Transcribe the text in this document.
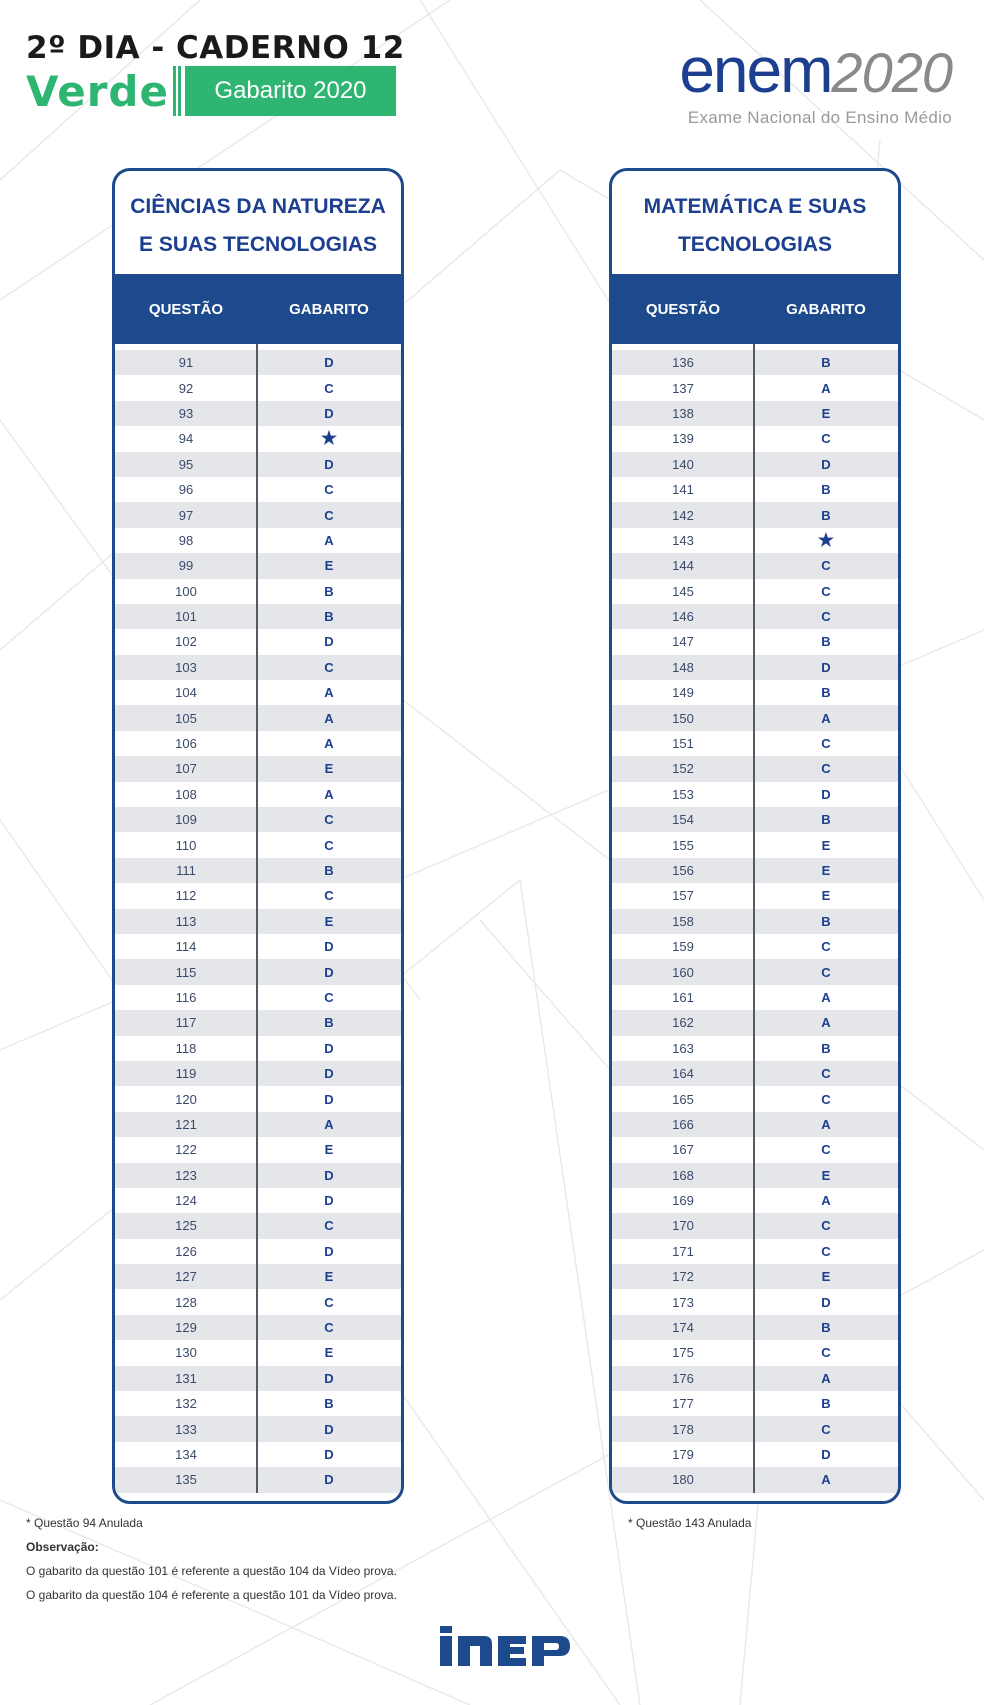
2º DIA - CADERNO 12
Verde	Gabarito 2020	enem 2020
Exame Nacional do Ensino Médio
CIÊNCIAS DA NATUREZA
E SUAS TECNOLOGIAS
QUESTÃO	GABARITO
91	D
92	C
93	D
94	★
95	D
96	C
97	C
98	A
99	E
100	B
101	B
102	D
103	C
104	A
105	A
106	A
107	E
108	A
109	C
110	C
111	B
112	C
113	E
114	D
115	D
116	C
117	B
118	D
119	D
120	D
121	A
122	E
123	D
124	D
125	C
126	D
127	E
128	C
129	C
130	E
131	D
132	B
133	D
134	D
135	D
MATEMÁTICA E SUAS
TECNOLOGIAS
QUESTÃO	GABARITO
136	B
137	A
138	E
139	C
140	D
141	B
142	B
143	★
144	C
145	C
146	C
147	B
148	D
149	B
150	A
151	C
152	C
153	D
154	B
155	E
156	E
157	E
158	B
159	C
160	C
161	A
162	A
163	B
164	C
165	C
166	A
167	C
168	E
169	A
170	C
171	C
172	E
173	D
174	B
175	C
176	A
177	B
178	C
179	D
180	A

* Questão 94 Anulada

Observação:

O gabarito da questão 101 é referente a questão 104 da Vídeo prova.

O gabarito da questão 104 é referente a questão 101 da Vídeo prova.

* Questão 143 Anulada
INEP
